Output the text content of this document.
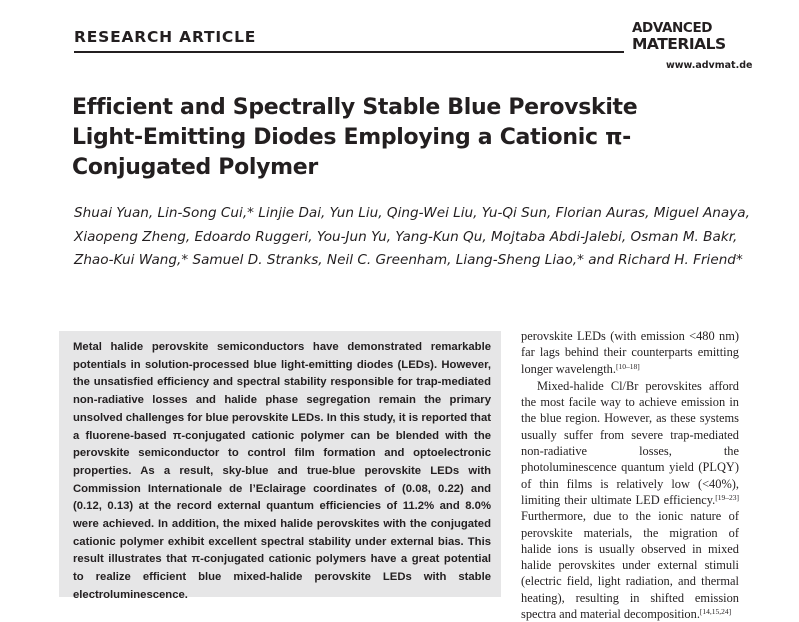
RESEARCH ARTICLE	ADVANCED
MATERIALS
www.advmat.de
Efficient and Spectrally Stable Blue Perovskite Light-Emitting Diodes Employing a Cationic π-Conjugated Polymer

Shuai Yuan, Lin-Song Cui,* Linjie Dai, Yun Liu, Qing-Wei Liu, Yu-Qi Sun, Florian Auras, Miguel Anaya, Xiaopeng Zheng, Edoardo Ruggeri, You-Jun Yu, Yang-Kun Qu, Mojtaba Abdi-Jalebi, Osman M. Bakr, Zhao-Kui Wang,* Samuel D. Stranks, Neil C. Greenham, Liang-Sheng Liao,* and Richard H. Friend*

Metal halide perovskite semiconductors have demonstrated remarkable potentials in solution-processed blue light-emitting diodes (LEDs). However, the unsatisfied efficiency and spectral stability responsible for trap-mediated non-radiative losses and halide phase segregation remain the primary unsolved challenges for blue perovskite LEDs. In this study, it is reported that a fluorene-based π-conjugated cationic polymer can be blended with the perovskite semiconductor to control film formation and optoelectronic properties. As a result, sky-blue and true-blue perovskite LEDs with Commission Internationale de l’Eclairage coordinates of (0.08, 0.22) and (0.12, 0.13) at the record external quantum efficiencies of 11.2% and 8.0% were achieved. In addition, the mixed halide perovskites with the conjugated cationic polymer exhibit excellent spectral stability under external bias. This result illustrates that π-conjugated cationic polymers have a great potential to realize efficient blue mixed-halide perovskite LEDs with stable electroluminescence.

perovskite LEDs (with emission <480 nm) far lags behind their counterparts emitting longer wavelength.[10–18]

Mixed-halide Cl/Br perovskites afford the most facile way to achieve emission in the blue region. However, as these systems usually suffer from severe trap-mediated non-radiative losses, the photoluminescence quantum yield (PLQY) of thin films is relatively low (<40%), limiting their ultimate LED efficiency.[19–23] Furthermore, due to the ionic nature of perovskite materials, the migration of halide ions is usually observed in mixed halide perovskites under external stimuli (electric field, light radiation, and thermal heating), resulting in shifted emission spectra and material decomposition.[14,15,24]
